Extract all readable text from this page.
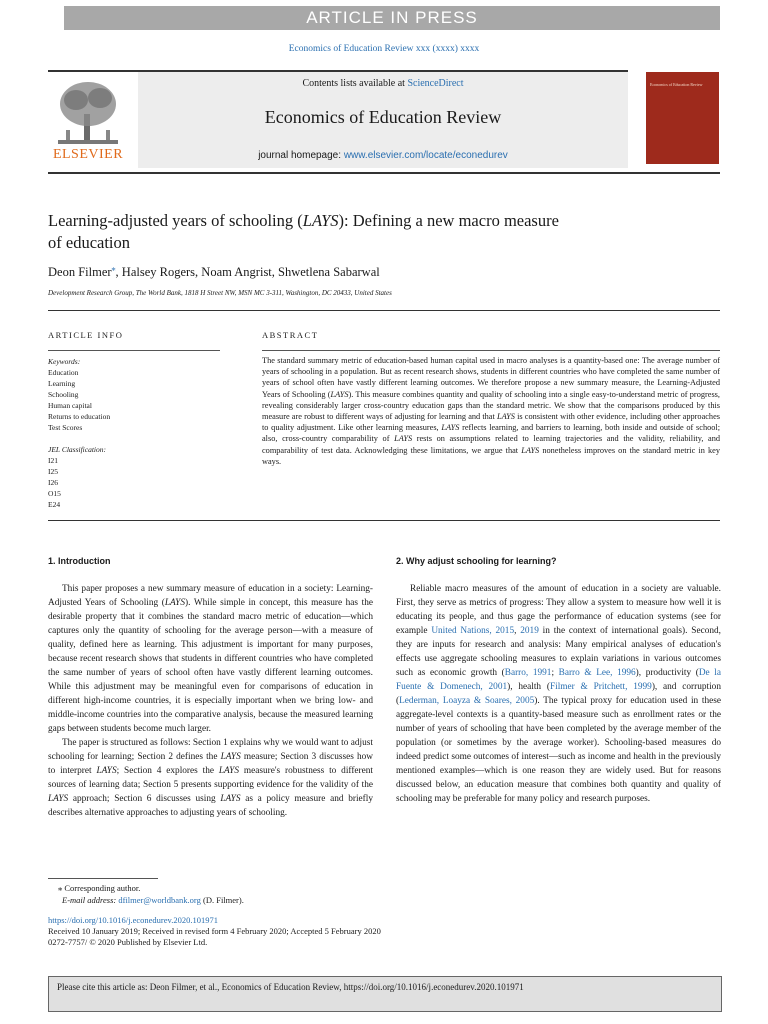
ARTICLE IN PRESS
Economics of Education Review xxx (xxxx) xxxx
ELSEVIER
Contents lists available at ScienceDirect
Economics of Education Review
journal homepage: www.elsevier.com/locate/econedurev
Economics of Education Review
Learning-adjusted years of schooling (LAYS): Defining a new macro measure
of education
Deon Filmer⁎, Halsey Rogers, Noam Angrist, Shwetlena Sabarwal
Development Research Group, The World Bank, 1818 H Street NW, MSN MC 3-311, Washington, DC 20433, United States
ARTICLE INFO	ABSTRACT
Keywords:
Education
Learning
Schooling
Human capital
Returns to education
Test Scores
JEL Classification:
I21
I25
I26
O15
E24
The standard summary metric of education-based human capital used in macro analyses is a quantity-based one: The average number of years of schooling in a population. But as recent research shows, students in different countries who have completed the same number of years of school often have vastly different learning outcomes. We therefore propose a new summary measure, the Learning-Adjusted Years of Schooling (LAYS). This measure combines quantity and quality of schooling into a single easy-to-understand metric of progress, revealing considerably larger cross-country education gaps than the standard metric. We show that the comparisons produced by this measure are robust to different ways of adjusting for learning and that LAYS is consistent with other evidence, including other approaches to quality adjustment. Like other learning measures, LAYS reflects learning, and barriers to learning, both inside and outside of school; also, cross-country comparability of LAYS rests on assumptions related to learning trajectories and the validity, reliability, and comparability of test data. Acknowledging these limitations, we argue that LAYS nonetheless improves on the standard metric in key ways.
1. Introduction

This paper proposes a new summary measure of education in a society: Learning-Adjusted Years of Schooling (LAYS). While simple in concept, this measure has the desirable property that it combines the standard macro metric of education—which captures only the quantity of schooling for the average person—with a measure of quality, defined here as learning. This adjustment is important for many purposes, because recent research shows that students in different countries who have completed the same number of years of school often have vastly different learning outcomes. While this adjustment may be meaningful even for comparisons of education in different high-income countries, it is especially important when we bring low- and middle-income countries into the comparative analysis, because the measured learning gaps between students become much larger.

The paper is structured as follows: Section 1 explains why we would want to adjust schooling for learning; Section 2 defines the LAYS measure; Section 3 discusses how to interpret LAYS; Section 4 explores the LAYS measure's robustness to different sources of learning data; Section 5 presents supporting evidence for the validity of the LAYS approach; Section 6 discusses using LAYS as a policy measure and briefly describes alternative approaches to adjusting years of schooling.

2. Why adjust schooling for learning?

Reliable macro measures of the amount of education in a society are valuable. First, they serve as metrics of progress: They allow a system to measure how well it is educating its people, and thus gage the performance of education systems (see for example United Nations, 2015, 2019 in the context of international goals). Second, they are inputs for research and analysis: Many empirical analyses of education's effects use aggregate schooling measures to explain variations in various outcomes such as economic growth (Barro, 1991; Barro & Lee, 1996), productivity (De la Fuente & Domenech, 2001), health (Filmer & Pritchett, 1999), and corruption (Lederman, Loayza & Soares, 2005). The typical proxy for education used in these aggregate-level contexts is a quantity-based measure such as enrollment rates or the number of years of schooling that have been completed by the average member of the population (or sometimes by the average worker). Schooling-based measures do indeed predict some outcomes of interest—such as income and health in the previously mentioned examples—which is one reason they are widely used. But for reasons discussed below, an education measure that combines both quantity and quality of schooling may be preferable for many policy and research purposes.

⁎ Corresponding author.
E-mail address: dfilmer@worldbank.org (D. Filmer).
https://doi.org/10.1016/j.econedurev.2020.101971
Received 10 January 2019; Received in revised form 4 February 2020; Accepted 5 February 2020
0272-7757/ © 2020 Published by Elsevier Ltd.
Please cite this article as: Deon Filmer, et al., Economics of Education Review, https://doi.org/10.1016/j.econedurev.2020.101971
